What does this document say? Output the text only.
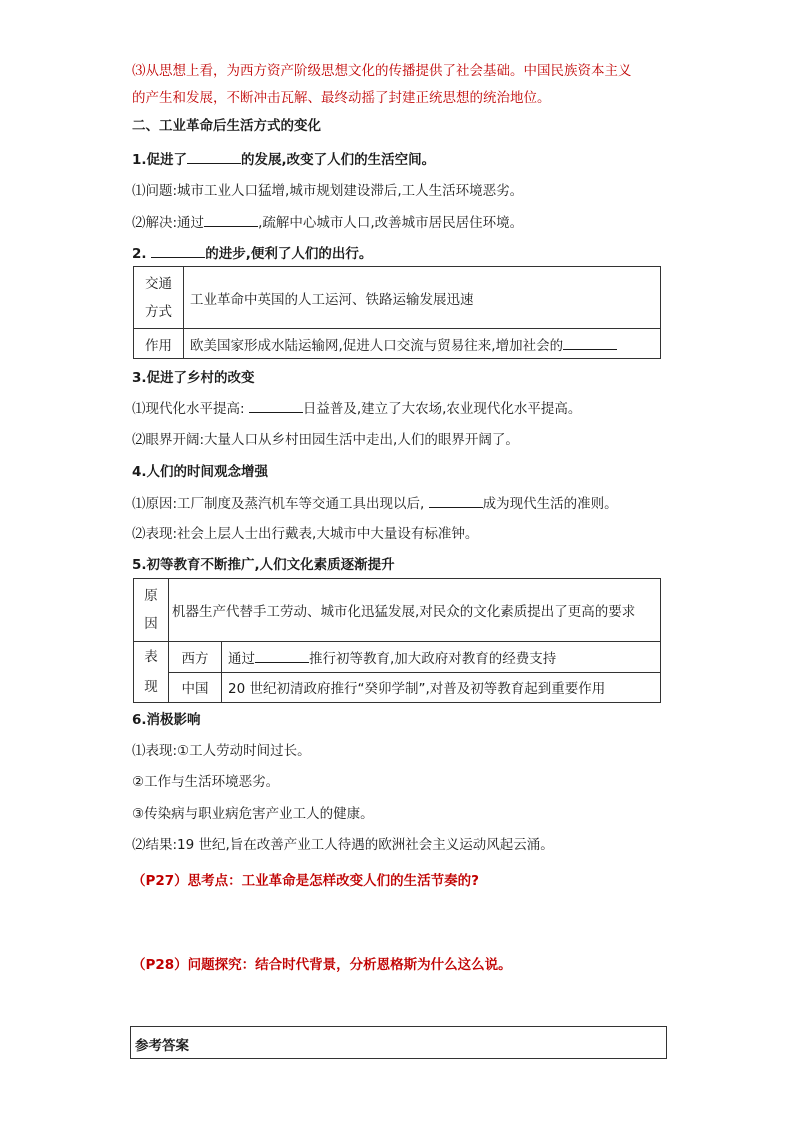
⑶从思想上看，为西方资产阶级思想文化的传播提供了社会基础。中国民族资本主义
的产生和发展，不断冲击瓦解、最终动摇了封建正统思想的统治地位。
二、工业革命后生活方式的变化
1.促进了	的发展,改变了人们的生活空间。
⑴问题:城市工业人口猛增,城市规划建设滞后,工人生活环境恶劣。
⑵解决:通过	,疏解中心城市人口,改善城市居民居住环境。
2.	的进步,便利了人们的出行。
交通
方式	工业革命中英国的人工运河、铁路运输发展迅速
作用	欧美国家形成水陆运输网,促进人口交流与贸易往来,增加社会的
3.促进了乡村的改变
⑴现代化水平提高:	日益普及,建立了大农场,农业现代化水平提高。
⑵眼界开阔:大量人口从乡村田园生活中走出,人们的眼界开阔了。
4.人们的时间观念增强
⑴原因:工厂制度及蒸汽机车等交通工具出现以后,	成为现代生活的准则。
⑵表现:社会上层人士出行戴表,大城市中大量设有标准钟。
5.初等教育不断推广,人们文化素质逐渐提升
原
因	机器生产代替手工劳动、城市化迅猛发展,对民众的文化素质提出了更高的要求	
表
现	西方	通过 推行初等教育,加大政府对教育的经费支持
	中国	20 世纪初清政府推行“癸卯学制”,对普及初等教育起到重要作用
6.消极影响
⑴表现:①工人劳动时间过长。
②工作与生活环境恶劣。
③传染病与职业病危害产业工人的健康。
⑵结果:19 世纪,旨在改善产业工人待遇的欧洲社会主义运动风起云涌。
（P27）思考点：工业革命是怎样改变人们的生活节奏的?
（P28）问题探究：结合时代背景，分析恩格斯为什么这么说。
参考答案
